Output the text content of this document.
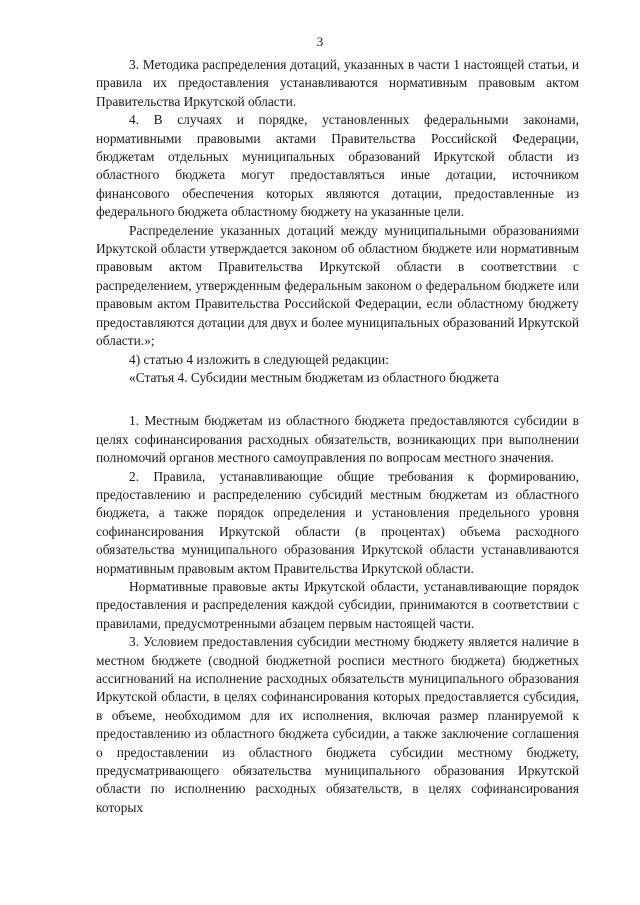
3

3. Методика распределения дотаций, указанных в части 1 настоящей статьи, и правила их предоставления устанавливаются нормативным правовым актом Правительства Иркутской области.

4. В случаях и порядке, установленных федеральными законами, нормативными правовыми актами Правительства Российской Федерации, бюджетам отдельных муниципальных образований Иркутской области из областного бюджета могут предоставляться иные дотации, источником финансового обеспечения которых являются дотации, предоставленные из федерального бюджета областному бюджету на указанные цели.

Распределение указанных дотаций между муниципальными образованиями Иркутской области утверждается законом об областном бюджете или нормативным правовым актом Правительства Иркутской области в соответствии с распределением, утвержденным федеральным законом о федеральном бюджете или правовым актом Правительства Российской Федерации, если областному бюджету предоставляются дотации для двух и более муниципальных образований Иркутской области.»;

4) статью 4 изложить в следующей редакции:

«Статья 4. Субсидии местным бюджетам из областного бюджета

1. Местным бюджетам из областного бюджета предоставляются субсидии в целях софинансирования расходных обязательств, возникающих при выполнении полномочий органов местного самоуправления по вопросам местного значения.

2. Правила, устанавливающие общие требования к формированию, предоставлению и распределению субсидий местным бюджетам из областного бюджета, а также порядок определения и установления предельного уровня софинансирования Иркутской области (в процентах) объема расходного обязательства муниципального образования Иркутской области устанавливаются нормативным правовым актом Правительства Иркутской области.

Нормативные правовые акты Иркутской области, устанавливающие порядок предоставления и распределения каждой субсидии, принимаются в соответствии с правилами, предусмотренными абзацем первым настоящей части.

3. Условием предоставления субсидии местному бюджету является наличие в местном бюджете (сводной бюджетной росписи местного бюджета) бюджетных ассигнований на исполнение расходных обязательств муниципального образования Иркутской области, в целях софинансирования которых предоставляется субсидия, в объеме, необходимом для их исполнения, включая размер планируемой к предоставлению из областного бюджета субсидии, а также заключение соглашения о предоставлении из областного бюджета субсидии местному бюджету, предусматривающего обязательства муниципального образования Иркутской области по исполнению расходных обязательств, в целях софинансирования которых
